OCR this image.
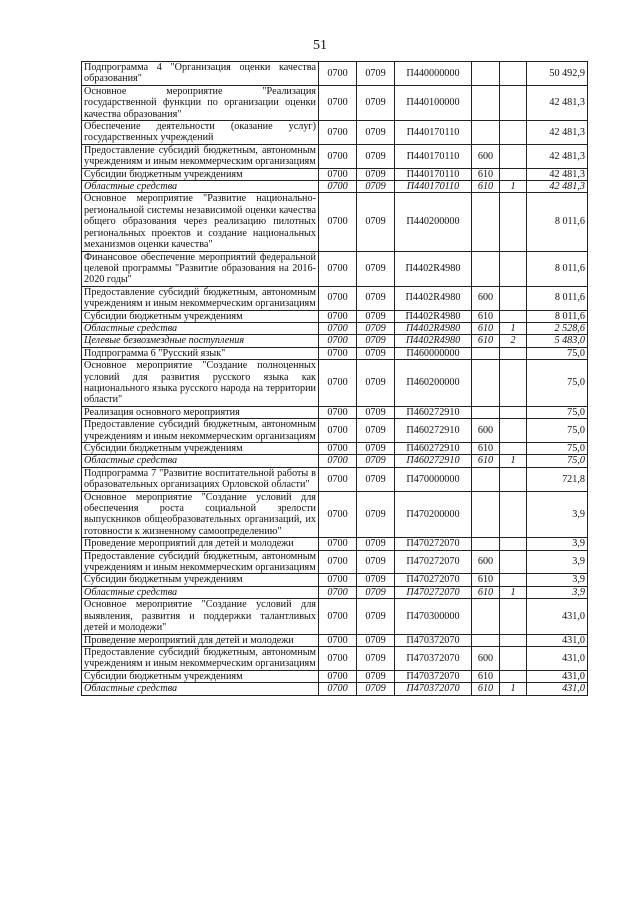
51
Подпрограмма 4 "Организация оценки качества образования"	0700	0709	П440000000			50 492,9
Основное мероприятие "Реализация государственной функции по организации оценки качества образования"	0700	0709	П440100000			42 481,3
Обеспечение деятельности (оказание услуг) государственных учреждений	0700	0709	П440170110			42 481,3
Предоставление субсидий бюджетным, автономным учреждениям и иным некоммерческим организациям	0700	0709	П440170110	600		42 481,3
Субсидии бюджетным учреждениям	0700	0709	П440170110	610		42 481,3
Областные средства	0700	0709	П440170110	610	1	42 481,3
Основное мероприятие "Развитие национально-региональной системы независимой оценки качества общего образования через реализацию пилотных региональных проектов и создание национальных механизмов оценки качества"	0700	0709	П440200000			8 011,6
Финансовое обеспечение мероприятий федеральной целевой программы "Развитие образования на 2016-2020 годы"	0700	0709	П4402R4980			8 011,6
Предоставление субсидий бюджетным, автономным учреждениям и иным некоммерческим организациям	0700	0709	П4402R4980	600		8 011,6
Субсидии бюджетным учреждениям	0700	0709	П4402R4980	610		8 011,6
Областные средства	0700	0709	П4402R4980	610	1	2 528,6
Целевые безвозмездные поступления	0700	0709	П4402R4980	610	2	5 483,0
Подпрограмма 6 "Русский язык"	0700	0709	П460000000			75,0
Основное мероприятие "Создание полноценных условий для развития русского языка как национального языка русского народа на территории области"	0700	0709	П460200000			75,0
Реализация основного мероприятия	0700	0709	П460272910			75,0
Предоставление субсидий бюджетным, автономным учреждениям и иным некоммерческим организациям	0700	0709	П460272910	600		75,0
Субсидии бюджетным учреждениям	0700	0709	П460272910	610		75,0
Областные средства	0700	0709	П460272910	610	1	75,0
Подпрограмма 7 "Развитие воспитательной работы в образовательных организациях Орловской области"	0700	0709	П470000000			721,8
Основное мероприятие "Создание условий для обеспечения роста социальной зрелости выпускников общеобразовательных организаций, их готовности к жизненному самоопределению"	0700	0709	П470200000			3,9
Проведение мероприятий для детей и молодежи	0700	0709	П470272070			3,9
Предоставление субсидий бюджетным, автономным учреждениям и иным некоммерческим организациям	0700	0709	П470272070	600		3,9
Субсидии бюджетным учреждениям	0700	0709	П470272070	610		3,9
Областные средства	0700	0709	П470272070	610	1	3,9
Основное мероприятие "Создание условий для выявления, развития и поддержки талантливых детей и молодежи"	0700	0709	П470300000			431,0
Проведение мероприятий для детей и молодежи	0700	0709	П470372070			431,0
Предоставление субсидий бюджетным, автономным учреждениям и иным некоммерческим организациям	0700	0709	П470372070	600		431,0
Субсидии бюджетным учреждениям	0700	0709	П470372070	610		431,0
Областные средства	0700	0709	П470372070	610	1	431,0
